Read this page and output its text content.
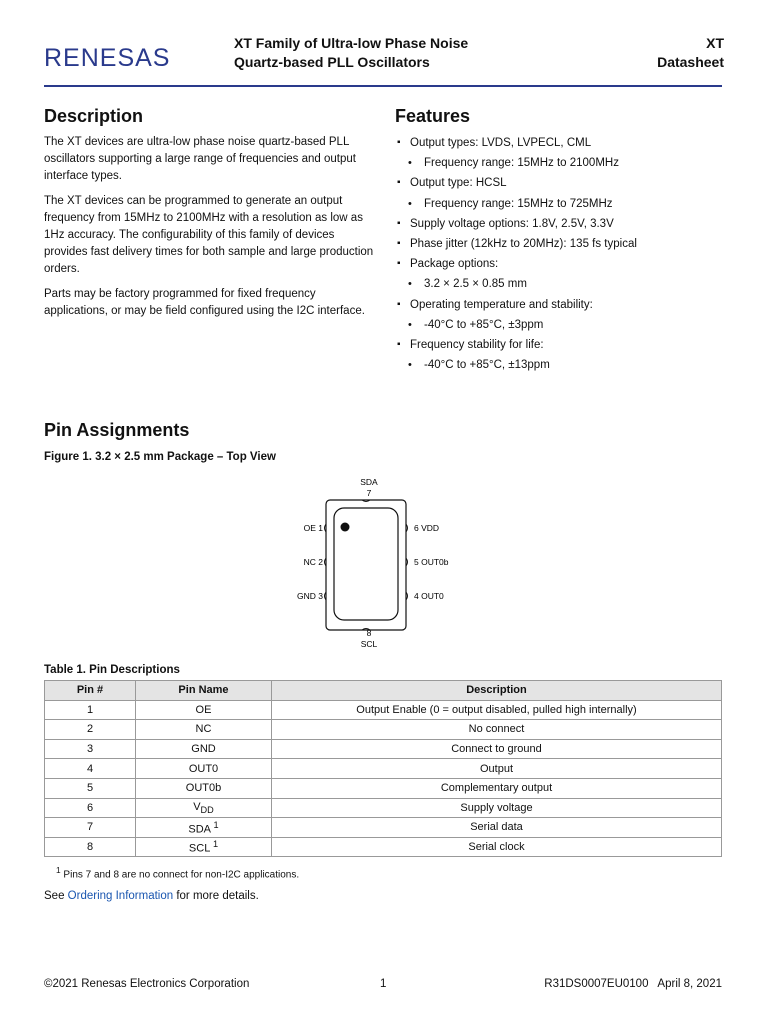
RENESAS
XT Family of Ultra-low Phase Noise
Quartz-based PLL Oscillators
XT
Datasheet
Description

The XT devices are ultra-low phase noise quartz-based PLL oscillators supporting a large range of frequencies and output interface types.

The XT devices can be programmed to generate an output frequency from 15MHz to 2100MHz with a resolution as low as 1Hz accuracy. The configurability of this family of devices provides fast delivery times for both sample and large production orders.

Parts may be factory programmed for fixed frequency applications, or may be field configured using the I2C interface.

Features
▪ Output types: LVDS, LVPECL, CML
• Frequency range: 15MHz to 2100MHz
▪ Output type: HCSL
• Frequency range: 15MHz to 725MHz
▪ Supply voltage options: 1.8V, 2.5V, 3.3V
▪ Phase jitter (12kHz to 20MHz): 135 fs typical
▪ Package options:
• 3.2 × 2.5 × 0.85 mm
▪ Operating temperature and stability:
• -40°C to +85°C, ±3ppm
▪ Frequency stability for life:
• -40°C to +85°C, ±13ppm
Pin Assignments
Figure 1. 3.2 × 2.5 mm Package – Top View
OE 1
NC 2
GND 3
6 VDD
5 OUT0b
4 OUT0
SDA
7
8
SCL
Table 1. Pin Descriptions
Pin #	Pin Name	Description
1	OE	Output Enable (0 = output disabled, pulled high internally)
2	NC	No connect
3	GND	Connect to ground
4	OUT0	Output
5	OUT0b	Complementary output
6	$V_{DD}$	Supply voltage
7	SDA $^1$	Serial data
8	SCL $^1$	Serial clock
$^1$ Pins 7 and 8 are no connect for non-I2C applications.
See Ordering Information for more details.
©2021 Renesas Electronics Corporation	1	R31DS0007EU0100   April 8, 2021
